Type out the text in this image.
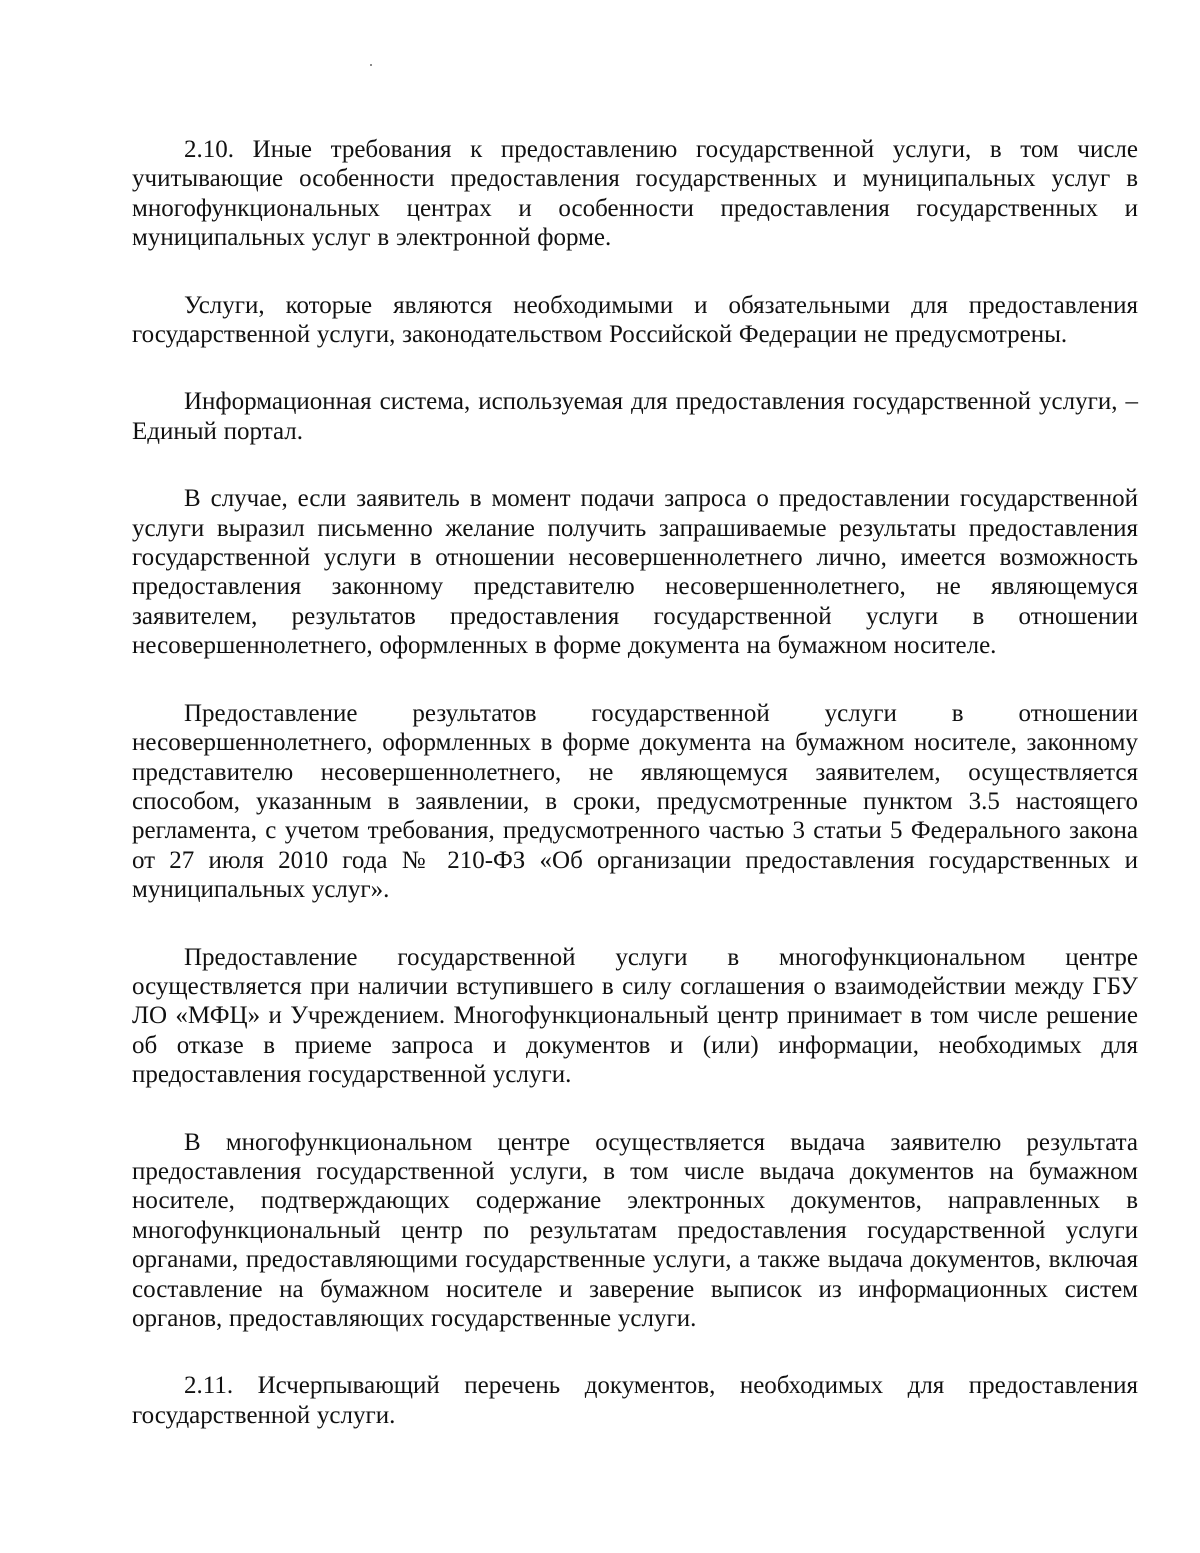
2.10. Иные требования к предоставлению государственной услуги, в том числе учитывающие особенности предоставления государственных и муниципальных услуг в многофункциональных центрах и особенности предоставления государственных и муниципальных услуг в электронной форме.

Услуги, которые являются необходимыми и обязательными для предоставления государственной услуги, законодательством Российской Федерации не предусмотрены.

Информационная система, используемая для предоставления государственной услуги, – Единый портал.

В случае, если заявитель в момент подачи запроса о предоставлении государственной услуги выразил письменно желание получить запрашиваемые результаты предоставления государственной услуги в отношении несовершеннолетнего лично, имеется возможность предоставления законному представителю несовершеннолетнего, не являющемуся заявителем, результатов предоставления государственной услуги в отношении несовершеннолетнего, оформленных в форме документа на бумажном носителе.

Предоставление результатов государственной услуги в отношении несовершеннолетнего, оформленных в форме документа на бумажном носителе, законному представителю несовершеннолетнего, не являющемуся заявителем, осуществляется способом, указанным в заявлении, в сроки, предусмотренные пунктом 3.5 настоящего регламента, с учетом требования, предусмотренного частью 3 статьи 5 Федерального закона от 27 июля 2010 года № 210-ФЗ «Об организации предоставления государственных и муниципальных услуг».

Предоставление государственной услуги в многофункциональном центре осуществляется при наличии вступившего в силу соглашения о взаимодействии между ГБУ ЛО «МФЦ» и Учреждением. Многофункциональный центр принимает в том числе решение об отказе в приеме запроса и документов и (или) информации, необходимых для предоставления государственной услуги.

В многофункциональном центре осуществляется выдача заявителю результата предоставления государственной услуги, в том числе выдача документов на бумажном носителе, подтверждающих содержание электронных документов, направленных в многофункциональный центр по результатам предоставления государственной услуги органами, предоставляющими государственные услуги, а также выдача документов, включая составление на бумажном носителе и заверение выписок из информационных систем органов, предоставляющих государственные услуги.

2.11. Исчерпывающий перечень документов, необходимых для предоставления государственной услуги.
